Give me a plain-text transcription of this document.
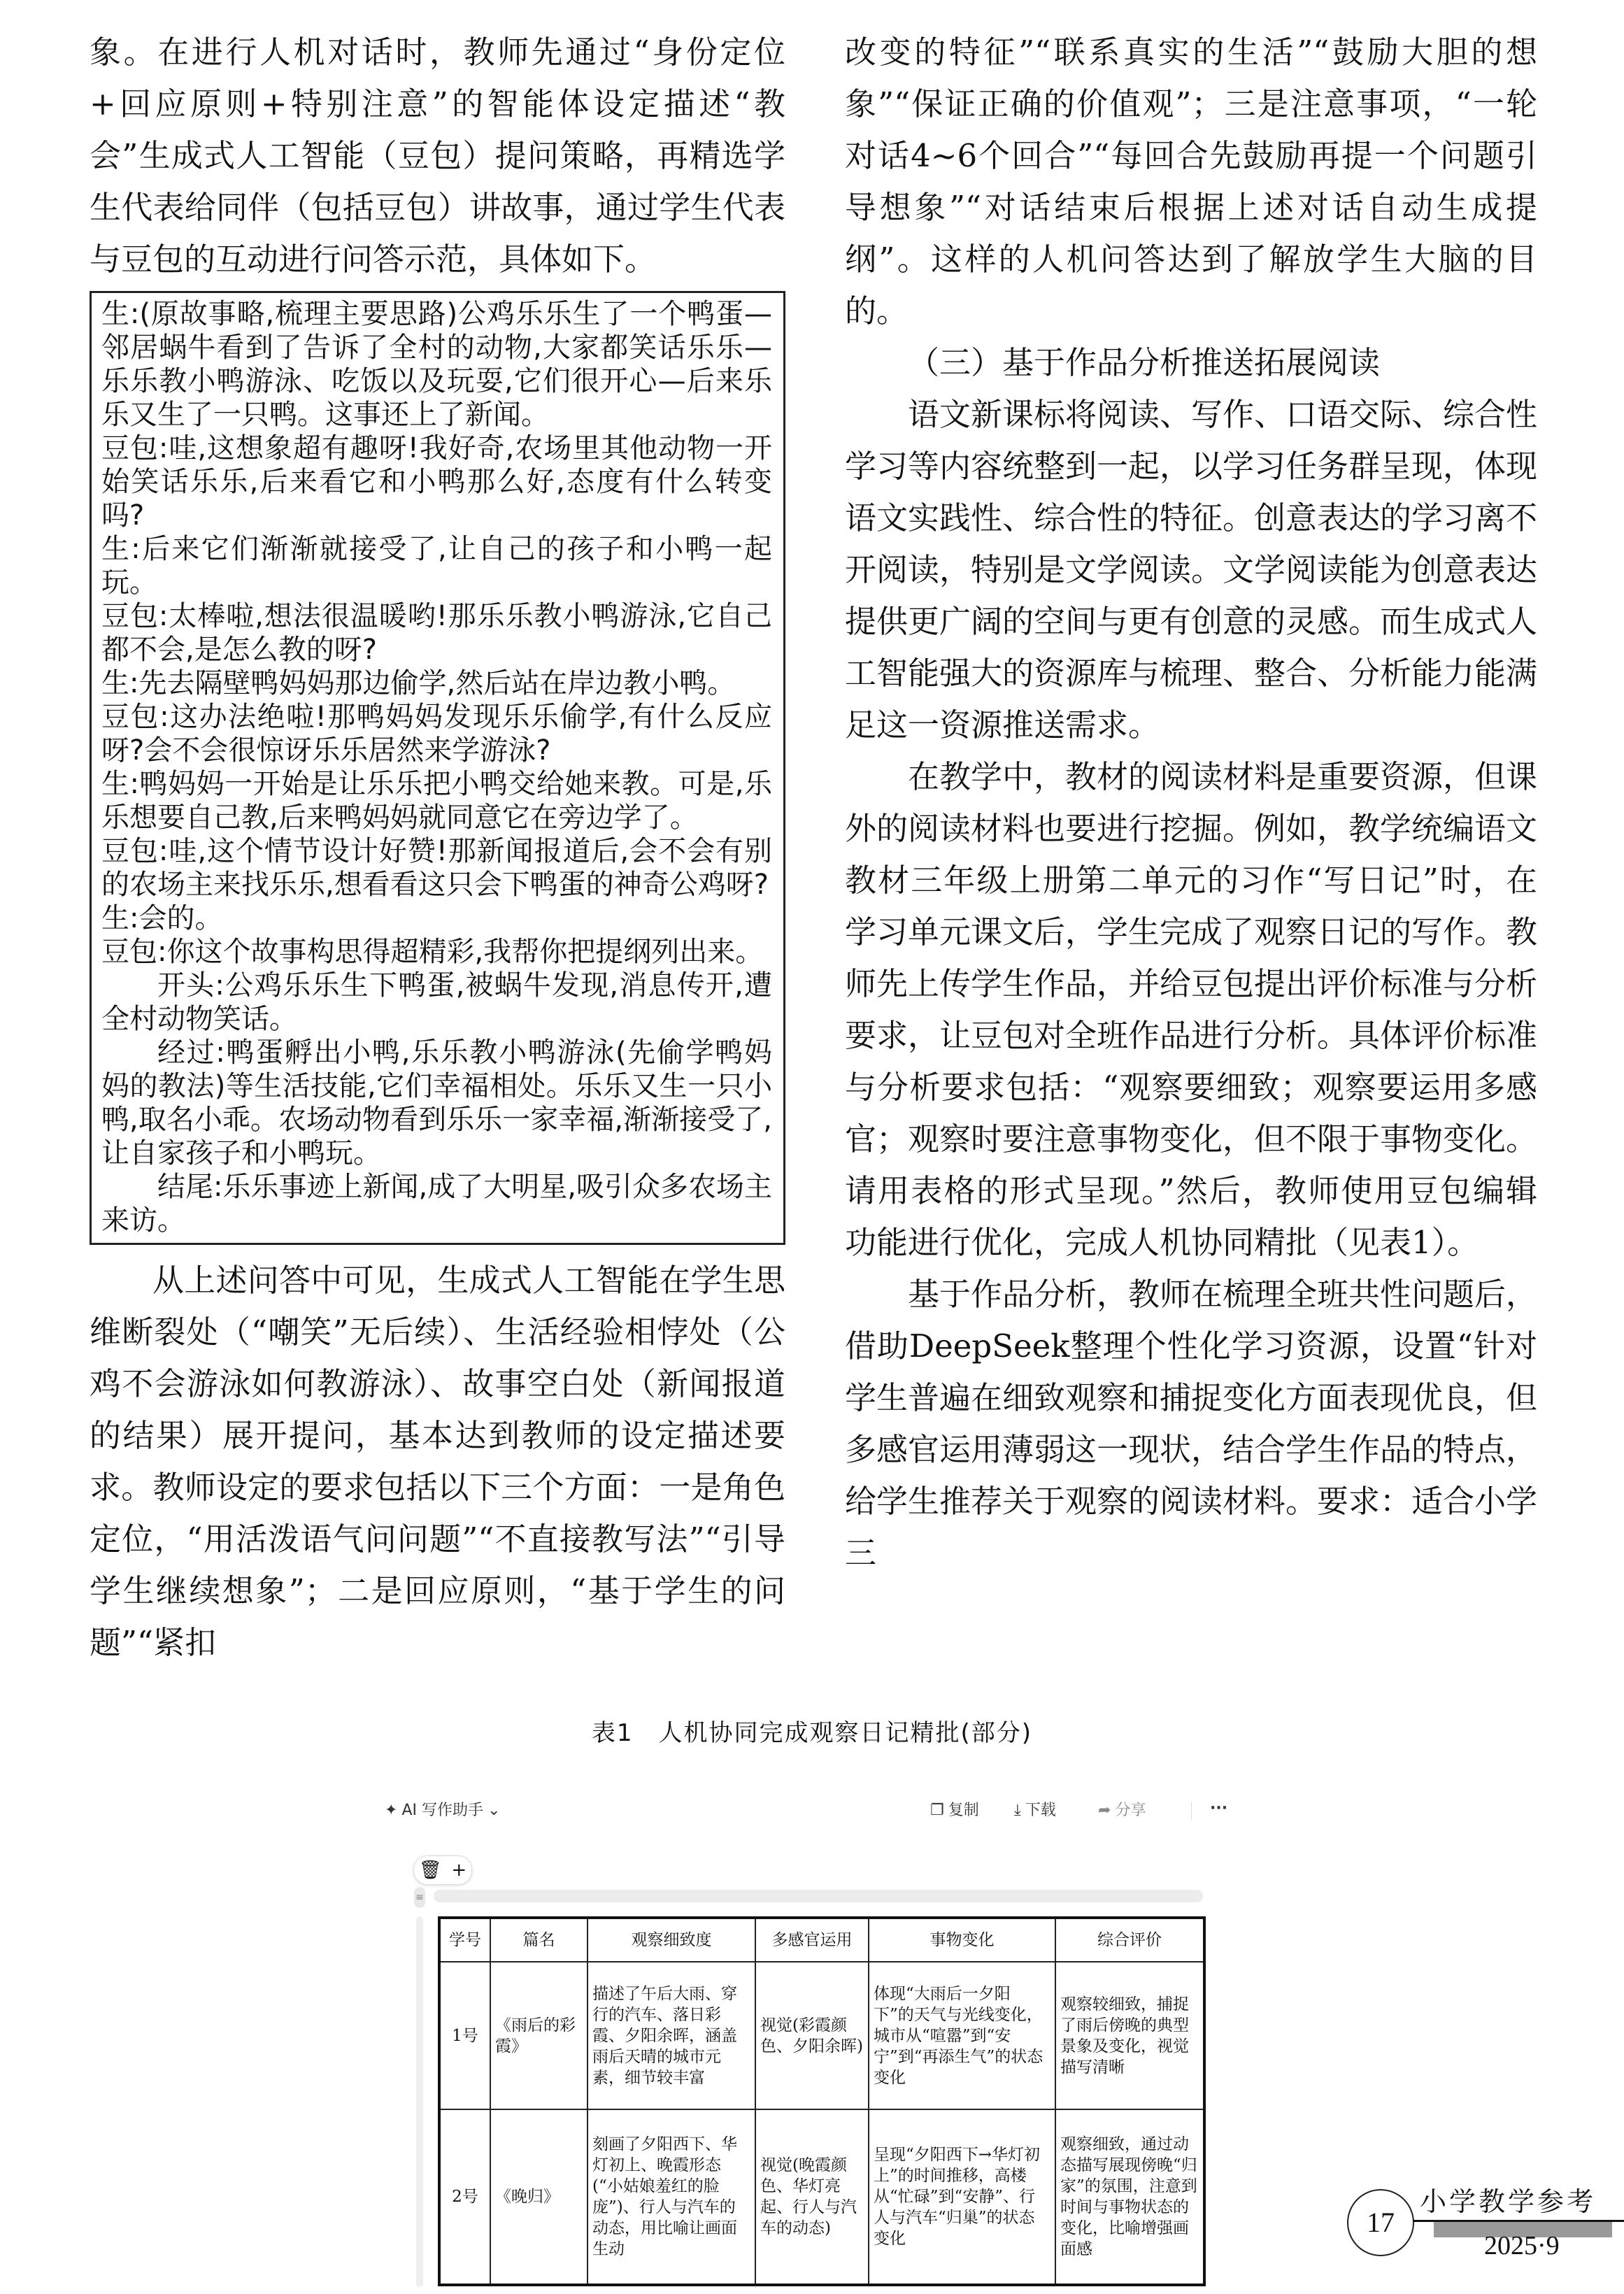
象。在进行人机对话时，教师先通过“身份定位+回应原则+特别注意”的智能体设定描述“教会”生成式人工智能（豆包）提问策略，再精选学生代表给同伴（包括豆包）讲故事，通过学生代表与豆包的互动进行问答示范，具体如下。

生:(原故事略,梳理主要思路)公鸡乐乐生了一个鸭蛋—邻居蜗牛看到了告诉了全村的动物,大家都笑话乐乐—乐乐教小鸭游泳、吃饭以及玩耍,它们很开心—后来乐乐又生了一只鸭。这事还上了新闻。

豆包:哇,这想象超有趣呀!我好奇,农场里其他动物一开始笑话乐乐,后来看它和小鸭那么好,态度有什么转变吗?

生:后来它们渐渐就接受了,让自己的孩子和小鸭一起玩。

豆包:太棒啦,想法很温暖哟!那乐乐教小鸭游泳,它自己都不会,是怎么教的呀?

生:先去隔壁鸭妈妈那边偷学,然后站在岸边教小鸭。

豆包:这办法绝啦!那鸭妈妈发现乐乐偷学,有什么反应呀?会不会很惊讶乐乐居然来学游泳?

生:鸭妈妈一开始是让乐乐把小鸭交给她来教。可是,乐乐想要自己教,后来鸭妈妈就同意它在旁边学了。

豆包:哇,这个情节设计好赞!那新闻报道后,会不会有别的农场主来找乐乐,想看看这只会下鸭蛋的神奇公鸡呀?

生:会的。

豆包:你这个故事构思得超精彩,我帮你把提纲列出来。

开头:公鸡乐乐生下鸭蛋,被蜗牛发现,消息传开,遭全村动物笑话。

经过:鸭蛋孵出小鸭,乐乐教小鸭游泳(先偷学鸭妈妈的教法)等生活技能,它们幸福相处。乐乐又生一只小鸭,取名小乖。农场动物看到乐乐一家幸福,渐渐接受了,让自家孩子和小鸭玩。

结尾:乐乐事迹上新闻,成了大明星,吸引众多农场主来访。

从上述问答中可见，生成式人工智能在学生思维断裂处（“嘲笑”无后续）、生活经验相悖处（公鸡不会游泳如何教游泳）、故事空白处（新闻报道的结果）展开提问，基本达到教师的设定描述要求。教师设定的要求包括以下三个方面：一是角色定位，“用活泼语气问问题”“不直接教写法”“引导学生继续想象”；二是回应原则，“基于学生的问题”“紧扣

改变的特征”“联系真实的生活”“鼓励大胆的想象”“保证正确的价值观”；三是注意事项，“一轮对话4~6个回合”“每回合先鼓励再提一个问题引导想象”“对话结束后根据上述对话自动生成提纲”。这样的人机问答达到了解放学生大脑的目的。

（三）基于作品分析推送拓展阅读

语文新课标将阅读、写作、口语交际、综合性学习等内容统整到一起，以学习任务群呈现，体现语文实践性、综合性的特征。创意表达的学习离不开阅读，特别是文学阅读。文学阅读能为创意表达提供更广阔的空间与更有创意的灵感。而生成式人工智能强大的资源库与梳理、整合、分析能力能满足这一资源推送需求。

在教学中，教材的阅读材料是重要资源，但课外的阅读材料也要进行挖掘。例如，教学统编语文教材三年级上册第二单元的习作“写日记”时，在学习单元课文后，学生完成了观察日记的写作。教师先上传学生作品，并给豆包提出评价标准与分析要求，让豆包对全班作品进行分析。具体评价标准与分析要求包括：“观察要细致；观察要运用多感官；观察时要注意事物变化，但不限于事物变化。请用表格的形式呈现。”然后，教师使用豆包编辑功能进行优化，完成人机协同精批（见表1）。

基于作品分析，教师在梳理全班共性问题后，借助DeepSeek整理个性化学习资源，设置“针对学生普遍在细致观察和捕捉变化方面表现优良，但多感官运用薄弱这一现状，结合学生作品的特点，给学生推荐关于观察的阅读材料。要求：适合小学三

表1　人机协同完成观察日记精批(部分)
✦ AI 写作助手 ⌄	❐ 复制 ⤓ 下载	➦ 分享	···
🗑 +
≡
学号	篇名	观察细致度	多感官运用	事物变化	综合评价
1号	《雨后的彩霞》	描述了午后大雨、穿行的汽车、落日彩霞、夕阳余晖，涵盖雨后天晴的城市元素，细节较丰富	视觉(彩霞颜色、夕阳余晖)	体现“大雨后一夕阳下”的天气与光线变化，城市从“喧嚣”到“安宁”到“再添生气”的状态变化	观察较细致，捕捉了雨后傍晚的典型景象及变化，视觉描写清晰
2号	《晚归》	刻画了夕阳西下、华灯初上、晚霞形态(“小姑娘羞红的脸庞”)、行人与汽车的动态，用比喻让画面生动	视觉(晚霞颜色、华灯亮起、行人与汽车的动态)	呈现“夕阳西下→华灯初上”的时间推移，高楼从“忙碌”到“安静”、行人与汽车“归巢”的状态变化	观察细致，通过动态描写展现傍晚“归家”的氛围，注意到时间与事物状态的变化，比喻增强画面感
17
小学教学参考
2025·9
